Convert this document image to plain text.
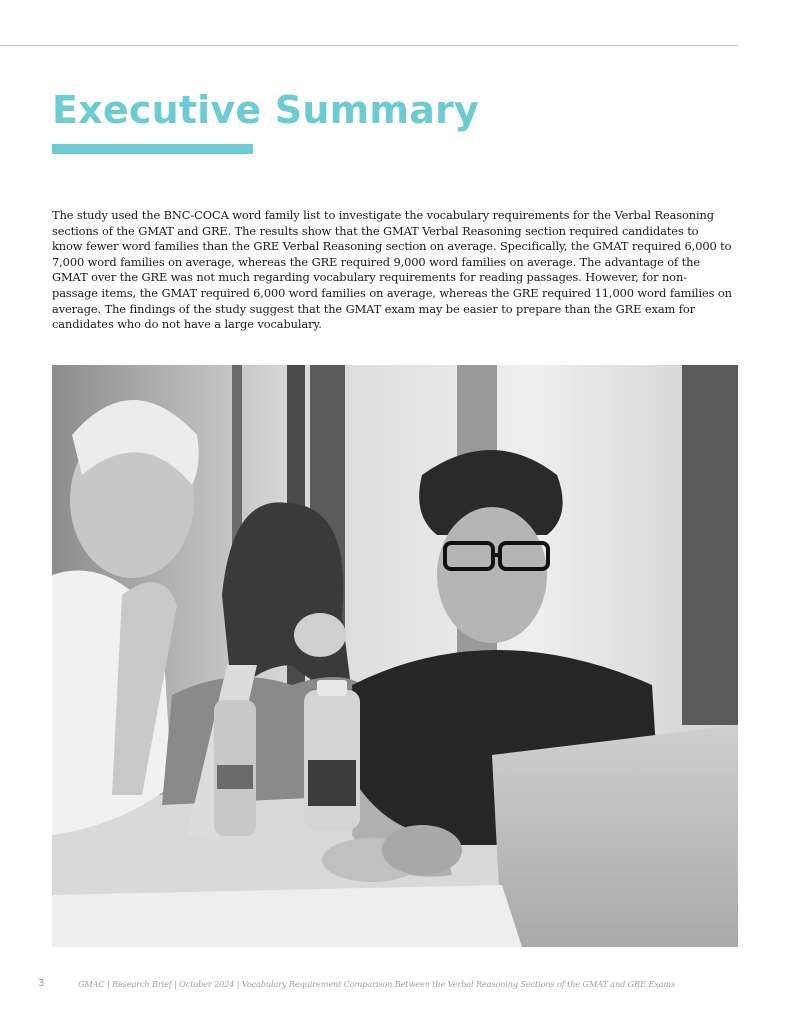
Executive Summary

The study used the BNC-COCA word family list to investigate the vocabulary requirements for the Verbal Reasoning sections of the GMAT and GRE. The results show that the GMAT Verbal Reasoning section required candidates to know fewer word families than the GRE Verbal Reasoning section on average. Specifically, the GMAT required 6,000 to 7,000 word families on average, whereas the GRE required 9,000 word families on average. The advantage of the GMAT over the GRE was not much regarding vocabulary requirements for reading passages. However, for non-passage items, the GMAT required 6,000 word families on average, whereas the GRE required 11,000 word families on average. The findings of the study suggest that the GMAT exam may be easier to prepare than the GRE exam for candidates who do not have a large vocabulary.

3	GMAC | Research Brief | October 2024 | Vocabulary Requirement Comparison Between the Verbal Reasoning Sections of the GMAT and GRE Exams
